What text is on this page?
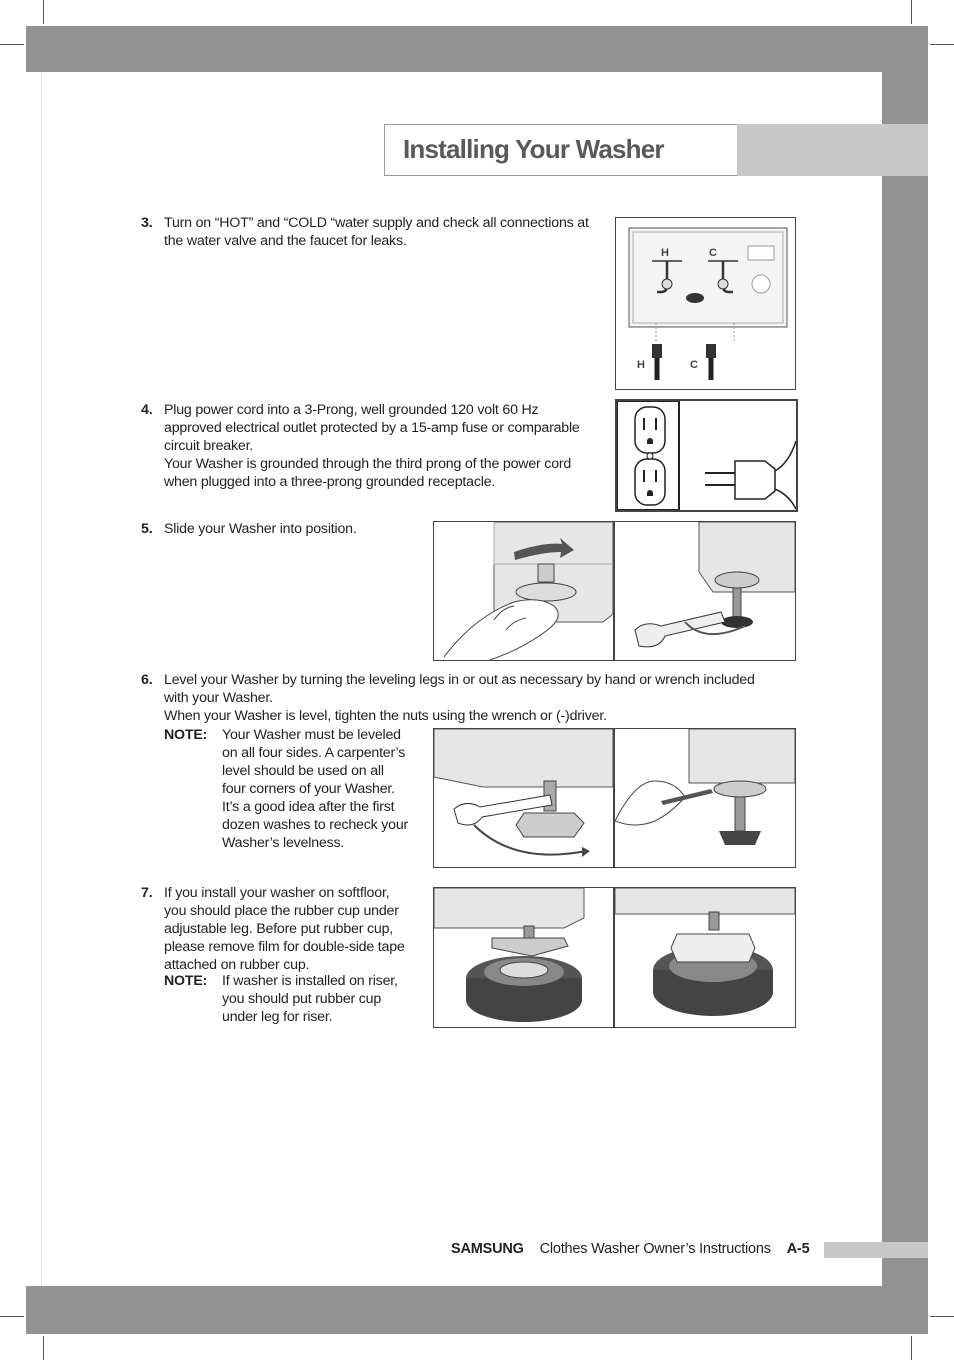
Installing Your Washer
3. Turn on “HOT” and “COLD “water supply and check all connections at
the water valve and the faucet for leaks.
4. Plug power cord into a 3-Prong, well grounded 120 volt 60 Hz
approved electrical outlet protected by a 15-amp fuse or comparable
circuit breaker.
Your Washer is grounded through the third prong of the power cord
when plugged into a three-prong grounded receptacle.
5. Slide your Washer into position.
6. Level your Washer by turning the leveling legs in or out as necessary by hand or wrench included
with your Washer.
When your Washer is level, tighten the nuts using the wrench or (-)driver.
NOTE: Your Washer must be leveled
on all four sides. A carpenter’s
level should be used on all
four corners of your Washer.
It’s a good idea after the first
dozen washes to recheck your
Washer’s levelness.
7. If you install your washer on softfloor,
you should place the rubber cup under
adjustable leg. Before put rubber cup,
please remove film for double-side tape
attached on rubber cup.
NOTE: If washer is installed on riser,
you should put rubber cup
under leg for riser.
H	C
H	C
SAMSUNG Clothes Washer Owner’s Instructions A-5
